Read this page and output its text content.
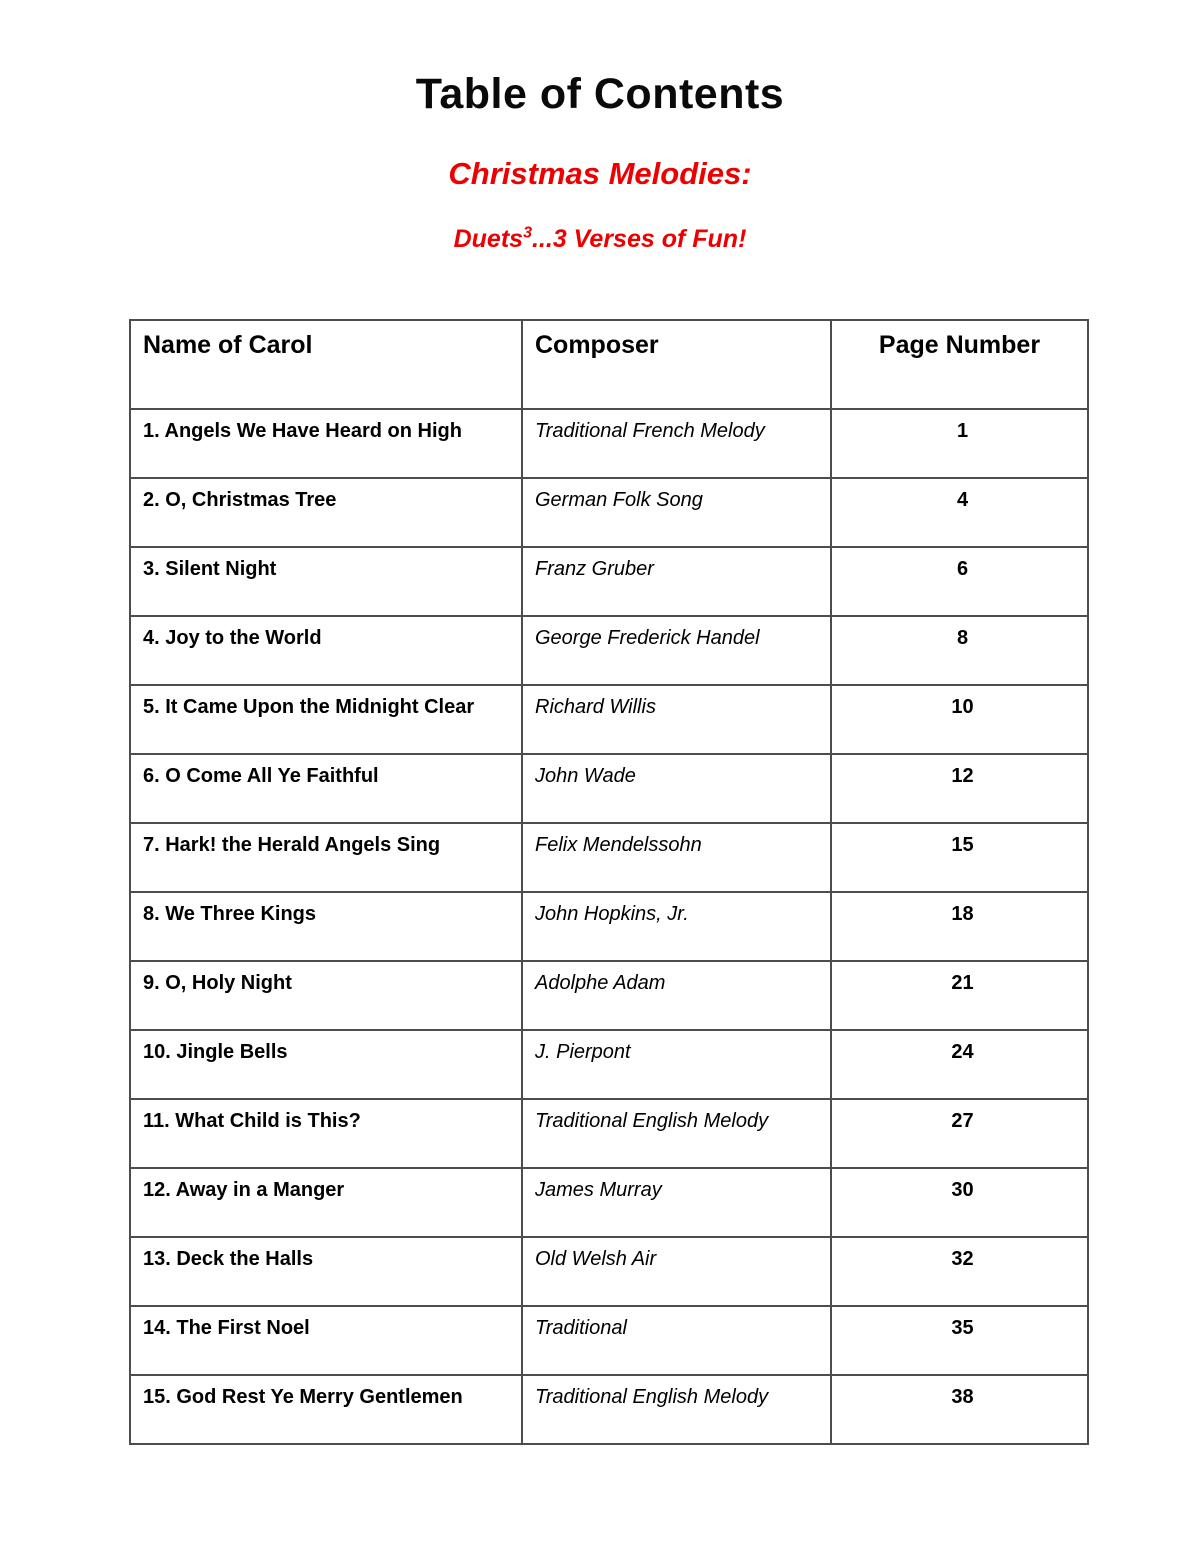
Table of Contents
Christmas Melodies:
Duets$^3$...3 Verses of Fun!
Name of Carol	Composer	Page Number
1. Angels We Have Heard on High	Traditional French Melody	1
2. O, Christmas Tree	German Folk Song	4
3. Silent Night	Franz Gruber	6
4. Joy to the World	George Frederick Handel	8
5. It Came Upon the Midnight Clear	Richard Willis	10
6. O Come All Ye Faithful	John Wade	12
7. Hark! the Herald Angels Sing	Felix Mendelssohn	15
8. We Three Kings	John Hopkins, Jr.	18
9. O, Holy Night	Adolphe Adam	21
10. Jingle Bells	J. Pierpont	24
11. What Child is This?	Traditional English Melody	27
12. Away in a Manger	James Murray	30
13. Deck the Halls	Old Welsh Air	32
14. The First Noel	Traditional	35
15. God Rest Ye Merry Gentlemen	Traditional English Melody	38
